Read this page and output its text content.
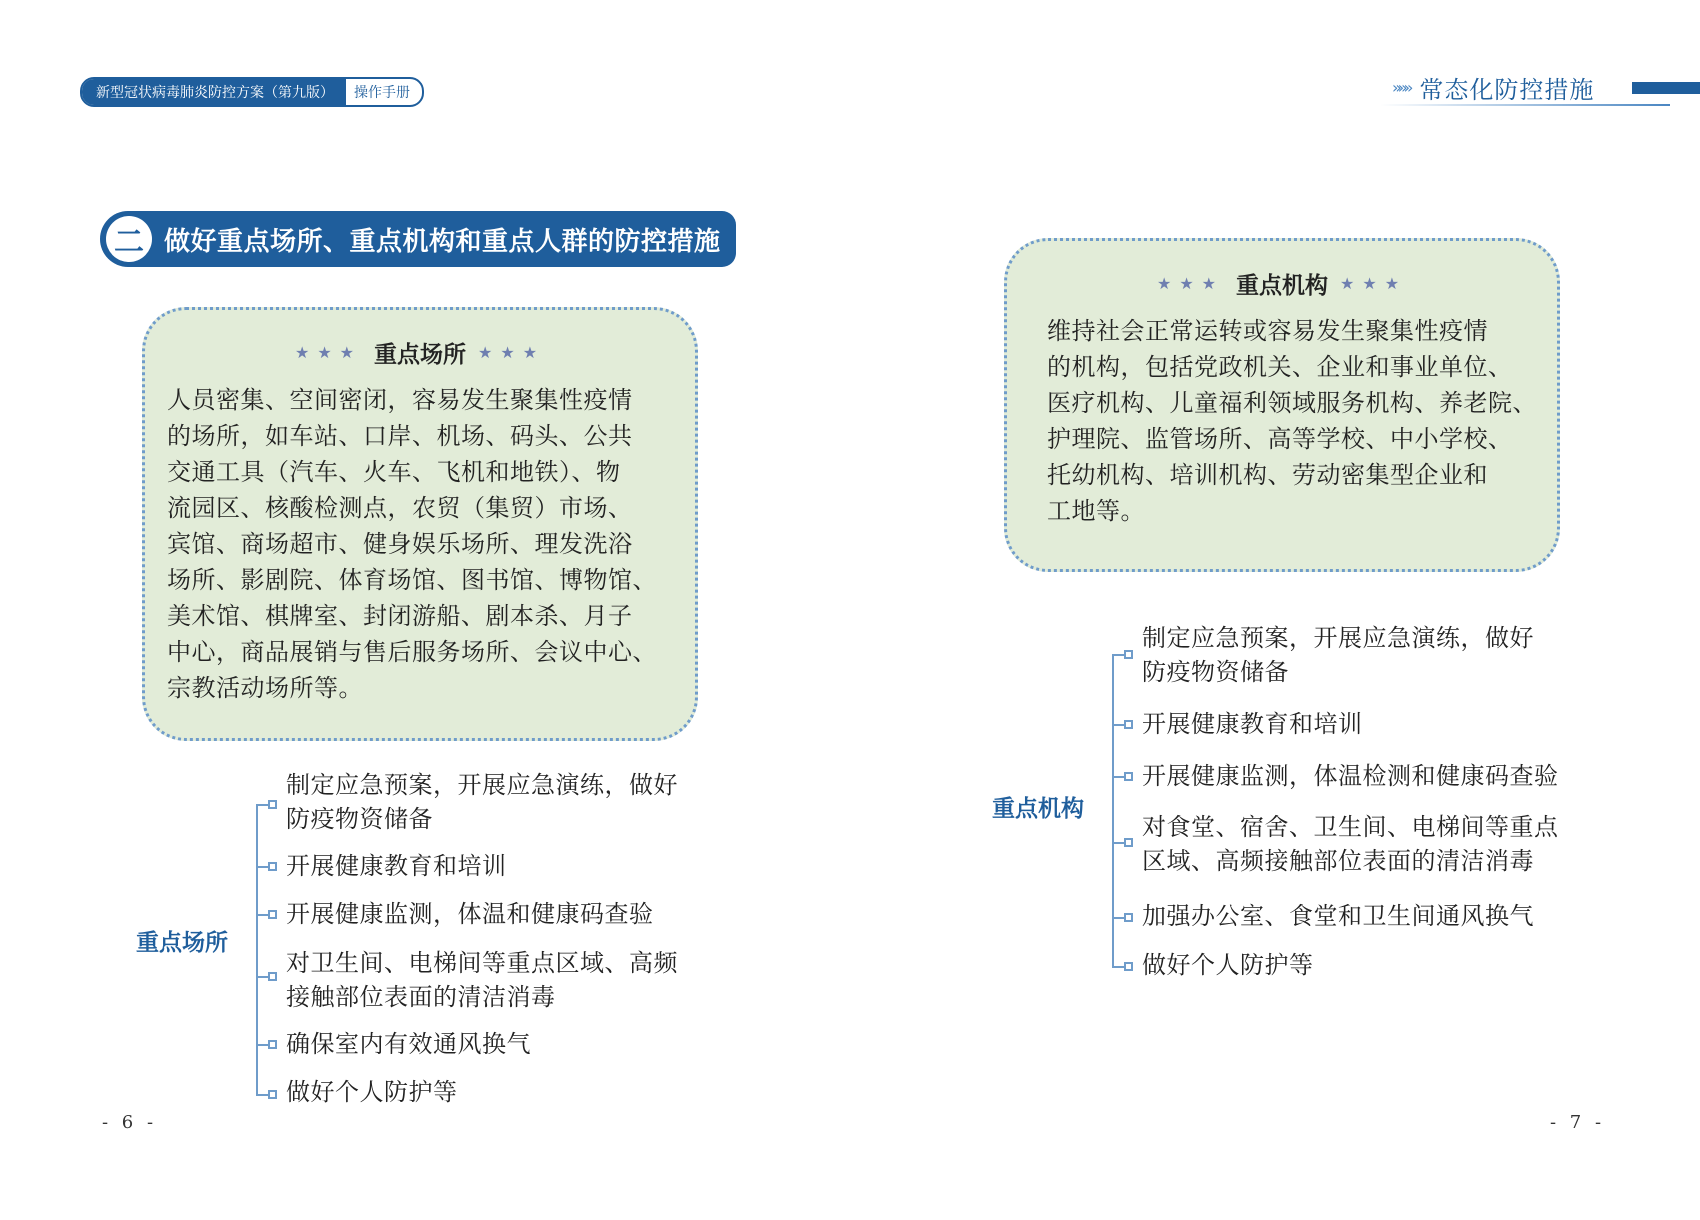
新型冠状病毒肺炎防控方案（第九版）	操作手册
二 做好重点场所、重点机构和重点人群的防控措施
★★★ 重点场所 ★★★
人员密集、空间密闭，容易发生聚集性疫情
的场所，如车站、口岸、机场、码头、公共
交通工具（汽车、火车、飞机和地铁）、物
流园区、核酸检测点，农贸（集贸）市场、
宾馆、商场超市、健身娱乐场所、理发洗浴
场所、影剧院、体育场馆、图书馆、博物馆、
美术馆、棋牌室、封闭游船、剧本杀、月子
中心，商品展销与售后服务场所、会议中心、
宗教活动场所等。
重点场所
制定应急预案，开展应急演练，做好
防疫物资储备
开展健康教育和培训
开展健康监测，体温和健康码查验
对卫生间、电梯间等重点区域、高频
接触部位表面的清洁消毒
确保室内有效通风换气
做好个人防护等
- 6 -
»»» 常态化防控措施
★★★ 重点机构 ★★★
维持社会正常运转或容易发生聚集性疫情
的机构，包括党政机关、企业和事业单位、
医疗机构、儿童福利领域服务机构、养老院、
护理院、监管场所、高等学校、中小学校、
托幼机构、培训机构、劳动密集型企业和
工地等。
重点机构
制定应急预案，开展应急演练，做好
防疫物资储备
开展健康教育和培训
开展健康监测，体温检测和健康码查验
对食堂、宿舍、卫生间、电梯间等重点
区域、高频接触部位表面的清洁消毒
加强办公室、食堂和卫生间通风换气
做好个人防护等
- 7 -
